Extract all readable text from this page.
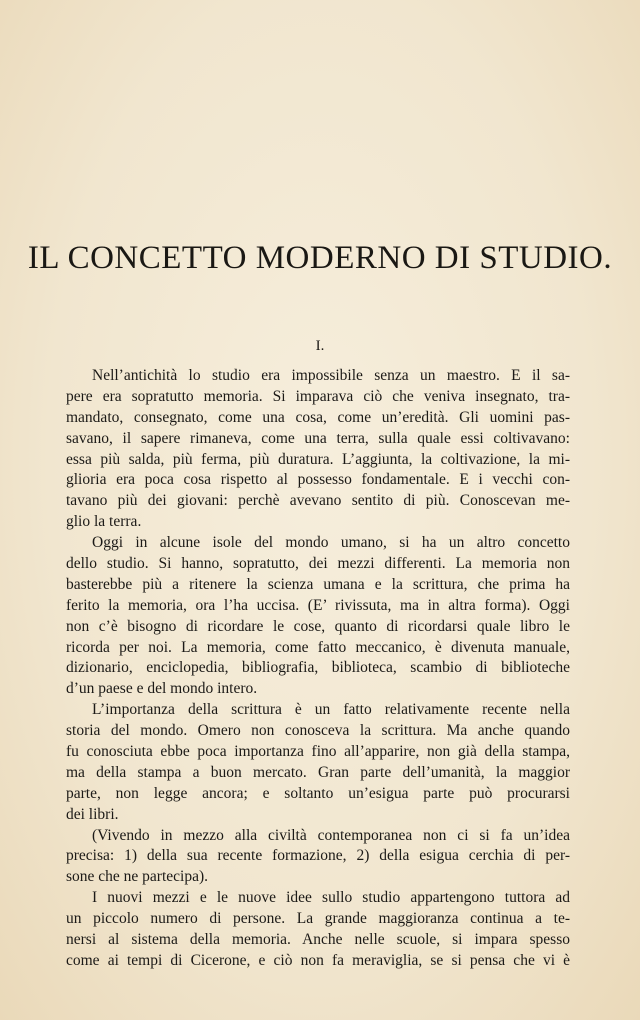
IL CONCETTO MODERNO DI STUDIO.

I.

Nell’antichità lo studio era impossibile senza un maestro. E il sa-
pere era sopratutto memoria. Si imparava ciò che veniva insegnato, tra-
mandato, consegnato, come una cosa, come un’eredità. Gli uomini pas-
savano, il sapere rimaneva, come una terra, sulla quale essi coltivavano:
essa più salda, più ferma, più duratura. L’aggiunta, la coltivazione, la mi-
glioria era poca cosa rispetto al possesso fondamentale. E i vecchi con-
tavano più dei giovani: perchè avevano sentito di più. Conoscevan me-
glio la terra.
Oggi in alcune isole del mondo umano, si ha un altro concetto
dello studio. Si hanno, sopratutto, dei mezzi differenti. La memoria non
basterebbe più a ritenere la scienza umana e la scrittura, che prima ha
ferito la memoria, ora l’ha uccisa. (E’ rivissuta, ma in altra forma). Oggi
non c’è bisogno di ricordare le cose, quanto di ricordarsi quale libro le
ricorda per noi. La memoria, come fatto meccanico, è divenuta manuale,
dizionario, enciclopedia, bibliografia, biblioteca, scambio di biblioteche
d’un paese e del mondo intero.
L’importanza della scrittura è un fatto relativamente recente nella
storia del mondo. Omero non conosceva la scrittura. Ma anche quando
fu conosciuta ebbe poca importanza fino all’apparire, non già della stampa,
ma della stampa a buon mercato. Gran parte dell’umanità, la maggior
parte, non legge ancora; e soltanto un’esigua parte può procurarsi
dei libri.
(Vivendo in mezzo alla civiltà contemporanea non ci si fa un’idea
precisa: 1) della sua recente formazione, 2) della esigua cerchia di per-
sone che ne partecipa).
I nuovi mezzi e le nuove idee sullo studio appartengono tuttora ad
un piccolo numero di persone. La grande maggioranza continua a te-
nersi al sistema della memoria. Anche nelle scuole, si impara spesso
come ai tempi di Cicerone, e ciò non fa meraviglia, se si pensa che vi è
